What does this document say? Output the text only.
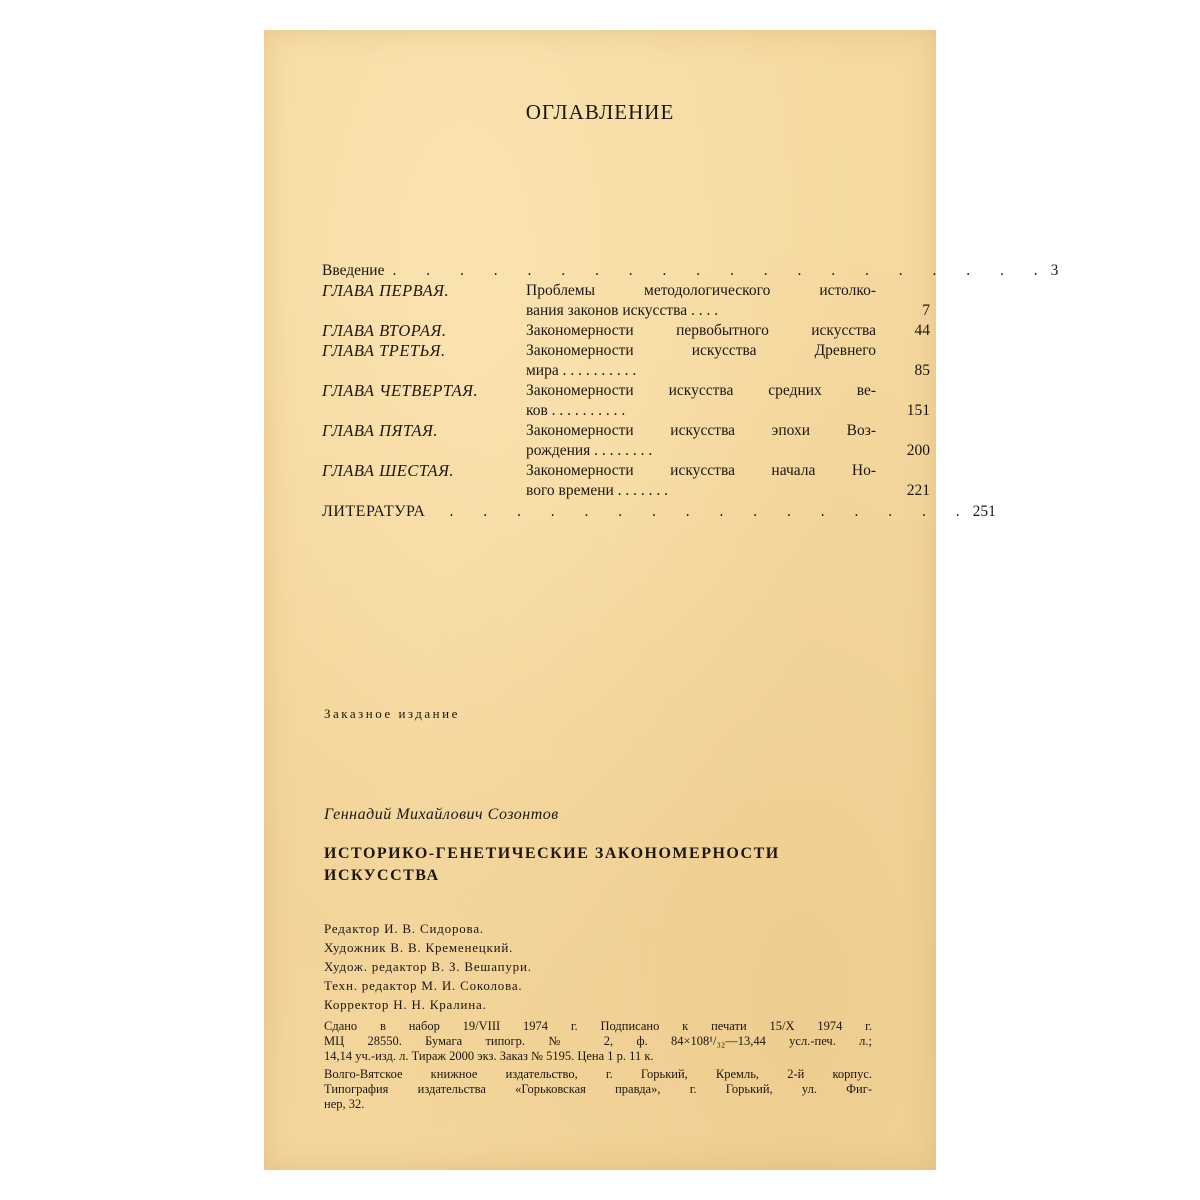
ОГЛАВЛЕНИЕ
Введение . . . . . . . . . . . . . . . . . . . . 3
ГЛАВА ПЕРВАЯ.	Проблемы методологического истолко-
вания законов искусства . . . .	7
ГЛАВА ВТОРАЯ.	Закономерности первобытного искусства	44
ГЛАВА ТРЕТЬЯ.	Закономерности искусства Древнего
мира . . . . . . . . . .	85
ГЛАВА ЧЕТВЕРТАЯ.	Закономерности искусства средних ве-
ков . . . . . . . . . .	151
ГЛАВА ПЯТАЯ.	Закономерности искусства эпохи Воз-
рождения . . . . . . . .	200
ГЛАВА ШЕСТАЯ.	Закономерности искусства начала Но-
вого времени . . . . . . .	221
ЛИТЕРАТУРА	. . . . . . . . . . . . . . . . 251
Заказное издание
Геннадий Михайлович Созонтов
ИСТОРИКО-ГЕНЕТИЧЕСКИЕ ЗАКОНОМЕРНОСТИ
ИСКУССТВА
Редактор И. В. Сидорова.
Художник В. В. Кременецкий.
Худож. редактор В. З. Вешапури.
Техн. редактор М. И. Соколова.
Корректор Н. Н. Кралина.
Сдано в набор 19/VIII 1974 г. Подписано к печати 15/X 1974 г.
МЦ 28550. Бумага типогр. № 2, ф. 84×108¹/₃₂—13,44 усл.-печ. л.;
14,14 уч.-изд. л. Тираж 2000 экз. Заказ № 5195. Цена 1 р. 11 к.
Волго-Вятское книжное издательство, г. Горький, Кремль, 2-й корпус.
Типография издательства «Горьковская правда», г. Горький, ул. Фиг-
нер, 32.
